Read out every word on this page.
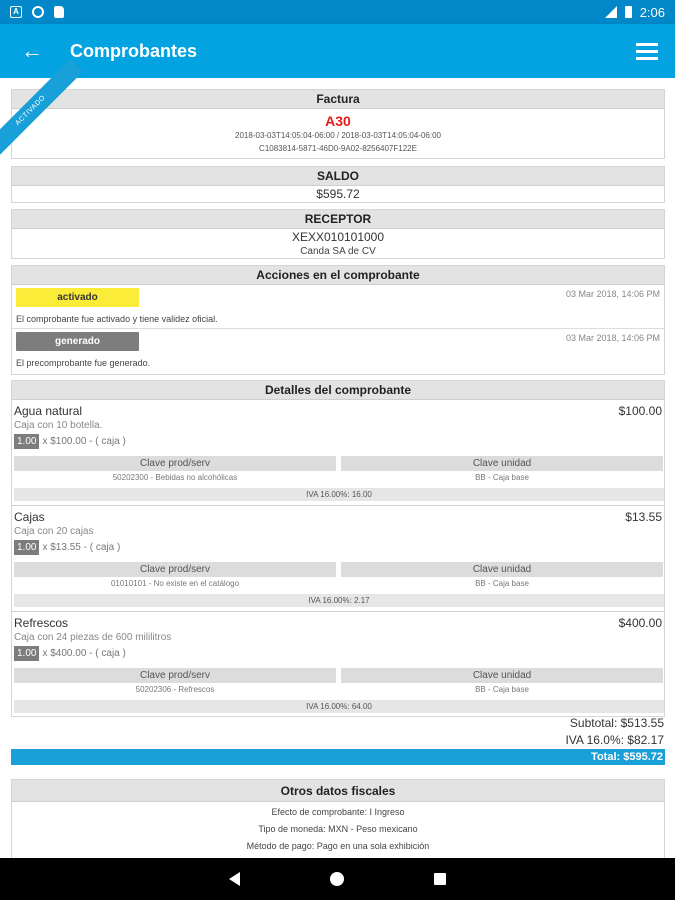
A	2:06
←	Comprobantes
ACTIVADO	Factura
A30
2018-03-03T14:05:04-06:00 / 2018-03-03T14:05:04-06:00
C1083814-5871-46D0-9A02-8256407F122E
SALDO
$595.72
RECEPTOR
XEXX010101000
Canda SA de CV
Acciones en el comprobante
activado	03 Mar 2018, 14:06 PM
El comprobante fue activado y tiene validez oficial.
generado	03 Mar 2018, 14:06 PM
El precomprobante fue generado.
Detalles del comprobante
Agua natural	$100.00
Caja con 10 botella.
1.00 x $100.00 - ( caja )
Clave prod/serv
50202300 - Bebidas no alcohólicas
Clave unidad
BB - Caja base
IVA 16.00%: 16.00
Cajas	$13.55
Caja con 20 cajas
1.00 x $13.55 - ( caja )
Clave prod/serv
01010101 - No existe en el catálogo
Clave unidad
BB - Caja base
IVA 16.00%: 2.17
Refrescos	$400.00
Caja con 24 piezas de 600 mililitros
1.00 x $400.00 - ( caja )
Clave prod/serv
50202306 - Refrescos
Clave unidad
BB - Caja base
IVA 16.00%: 64.00
Subtotal: $513.55
IVA 16.0%: $82.17
Total: $595.72
Otros datos fiscales
Efecto de comprobante: I Ingreso
Tipo de moneda: MXN - Peso mexicano
Método de pago: Pago en una sola exhibición
